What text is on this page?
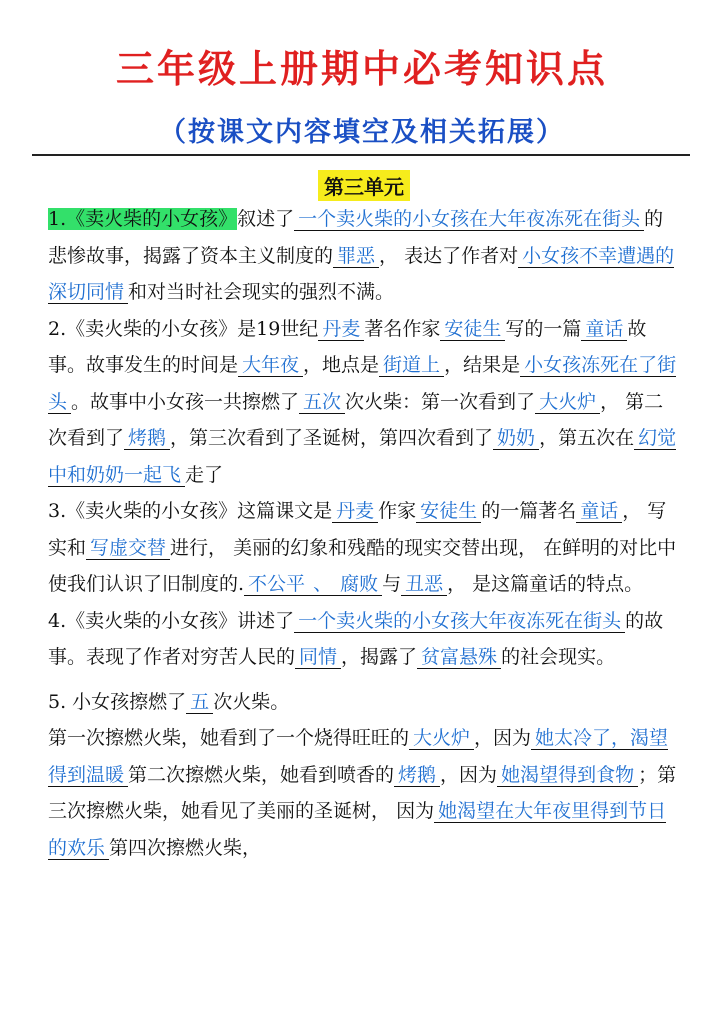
三年级上册期中必考知识点
（按课文内容填空及相关拓展）
第三单元

1.《卖火柴的小女孩》叙述了 一个卖火柴的小女孩在大年夜冻死在街头 的悲惨故事，揭露了资本主义制度的 罪恶 ， 表达了作者对 小女孩不幸遭遇的深切同情 和对当时社会现实的强烈不满。

2.《卖火柴的小女孩》是19世纪 丹麦 著名作家 安徒生 写的一篇 童话 故事。故事发生的时间是 大年夜 ，地点是 街道上 ，结果是 小女孩冻死在了街头 。故事中小女孩一共擦燃了 五次 次火柴：第一次看到了 大火炉 ， 第二次看到了 烤鹅 ，第三次看到了圣诞树，第四次看到了 奶奶 ，第五次在 幻觉中和奶奶一起飞 走了

3.《卖火柴的小女孩》这篇课文是 丹麦 作家 安徒生 的一篇著名 童话 ， 写实和 写虚交替 进行， 美丽的幻象和残酷的现实交替出现， 在鲜明的对比中使我们认识了旧制度的. 不公平 、 腐败 与 丑恶 ， 是这篇童话的特点。

4.《卖火柴的小女孩》讲述了 一个卖火柴的小女孩大年夜冻死在街头 的故事。表现了作者对穷苦人民的 同情 ，揭露了 贫富悬殊 的社会现实。

5. 小女孩擦燃了 五 次火柴。

第一次擦燃火柴，她看到了一个烧得旺旺的 大火炉 ，因为 她太冷了，渴望得到温暖 第二次擦燃火柴，她看到喷香的 烤鹅 ，因为 她渴望得到食物 ；第三次擦燃火柴，她看见了美丽的圣诞树， 因为 她渴望在大年夜里得到节日的欢乐 第四次擦燃火柴，
